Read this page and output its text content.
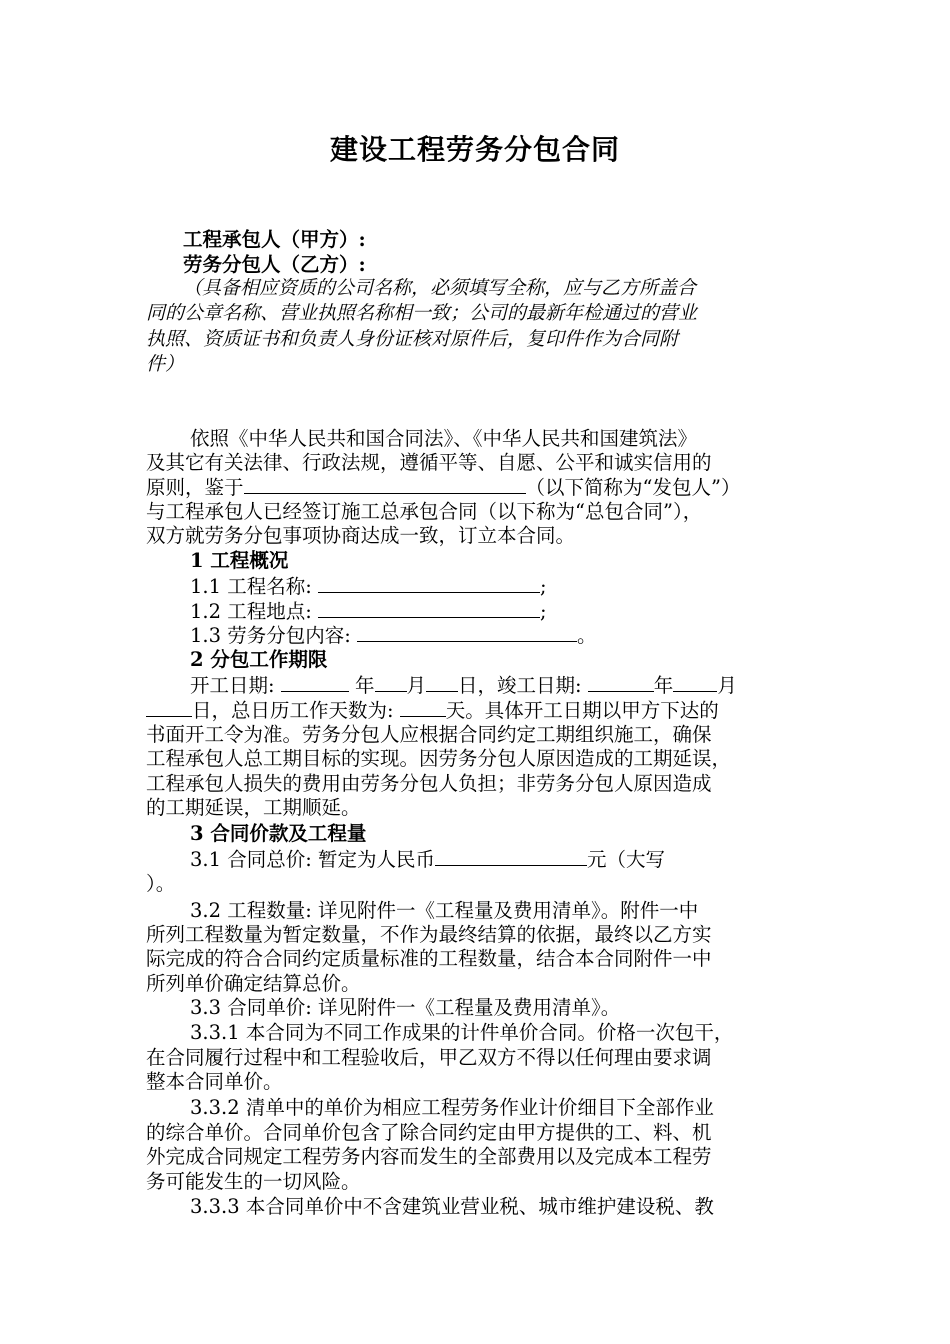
建设工程劳务分包合同
工程承包人（甲方）:
劳务分包人（乙方）:
（具备相应资质的公司名称，必须填写全称，应与乙方所盖合
同的公章名称、营业执照名称相一致；公司的最新年检通过的营业
执照、资质证书和负责人身份证核对原件后，复印件作为合同附
件）
依照《中华人民共和国合同法》、《中华人民共和国建筑法》
及其它有关法律、行政法规，遵循平等、自愿、公平和诚实信用的
原则，鉴于	（以下简称为“发包人”）
与工程承包人已经签订施工总承包合同（以下称为“总包合同”），
双方就劳务分包事项协商达成一致，订立本合同。
1 工程概况
1.1 工程名称:	;
1.2 工程地点:	;
1.3 劳务分包内容:	。
2 分包工作期限
开工日期:	年 月 日，竣工日期:	年 月
日，总日历工作天数为:	天。具体开工日期以甲方下达的
书面开工令为准。劳务分包人应根据合同约定工期组织施工，确保
工程承包人总工期目标的实现。因劳务分包人原因造成的工期延误，
工程承包人损失的费用由劳务分包人负担；非劳务分包人原因造成
的工期延误，工期顺延。
3 合同价款及工程量
3.1 合同总价: 暂定为人民币	元（大写
）。
3.2 工程数量: 详见附件一《工程量及费用清单》。附件一中
所列工程数量为暂定数量，不作为最终结算的依据，最终以乙方实
际完成的符合合同约定质量标准的工程数量，结合本合同附件一中
所列单价确定结算总价。
3.3 合同单价: 详见附件一《工程量及费用清单》。
3.3.1 本合同为不同工作成果的计件单价合同。价格一次包干，
在合同履行过程中和工程验收后，甲乙双方不得以任何理由要求调
整本合同单价。
3.3.2 清单中的单价为相应工程劳务作业计价细目下全部作业
的综合单价。合同单价包含了除合同约定由甲方提供的工、料、机
外完成合同规定工程劳务内容而发生的全部费用以及完成本工程劳
务可能发生的一切风险。
3.3.3 本合同单价中不含建筑业营业税、城市维护建设税、教
